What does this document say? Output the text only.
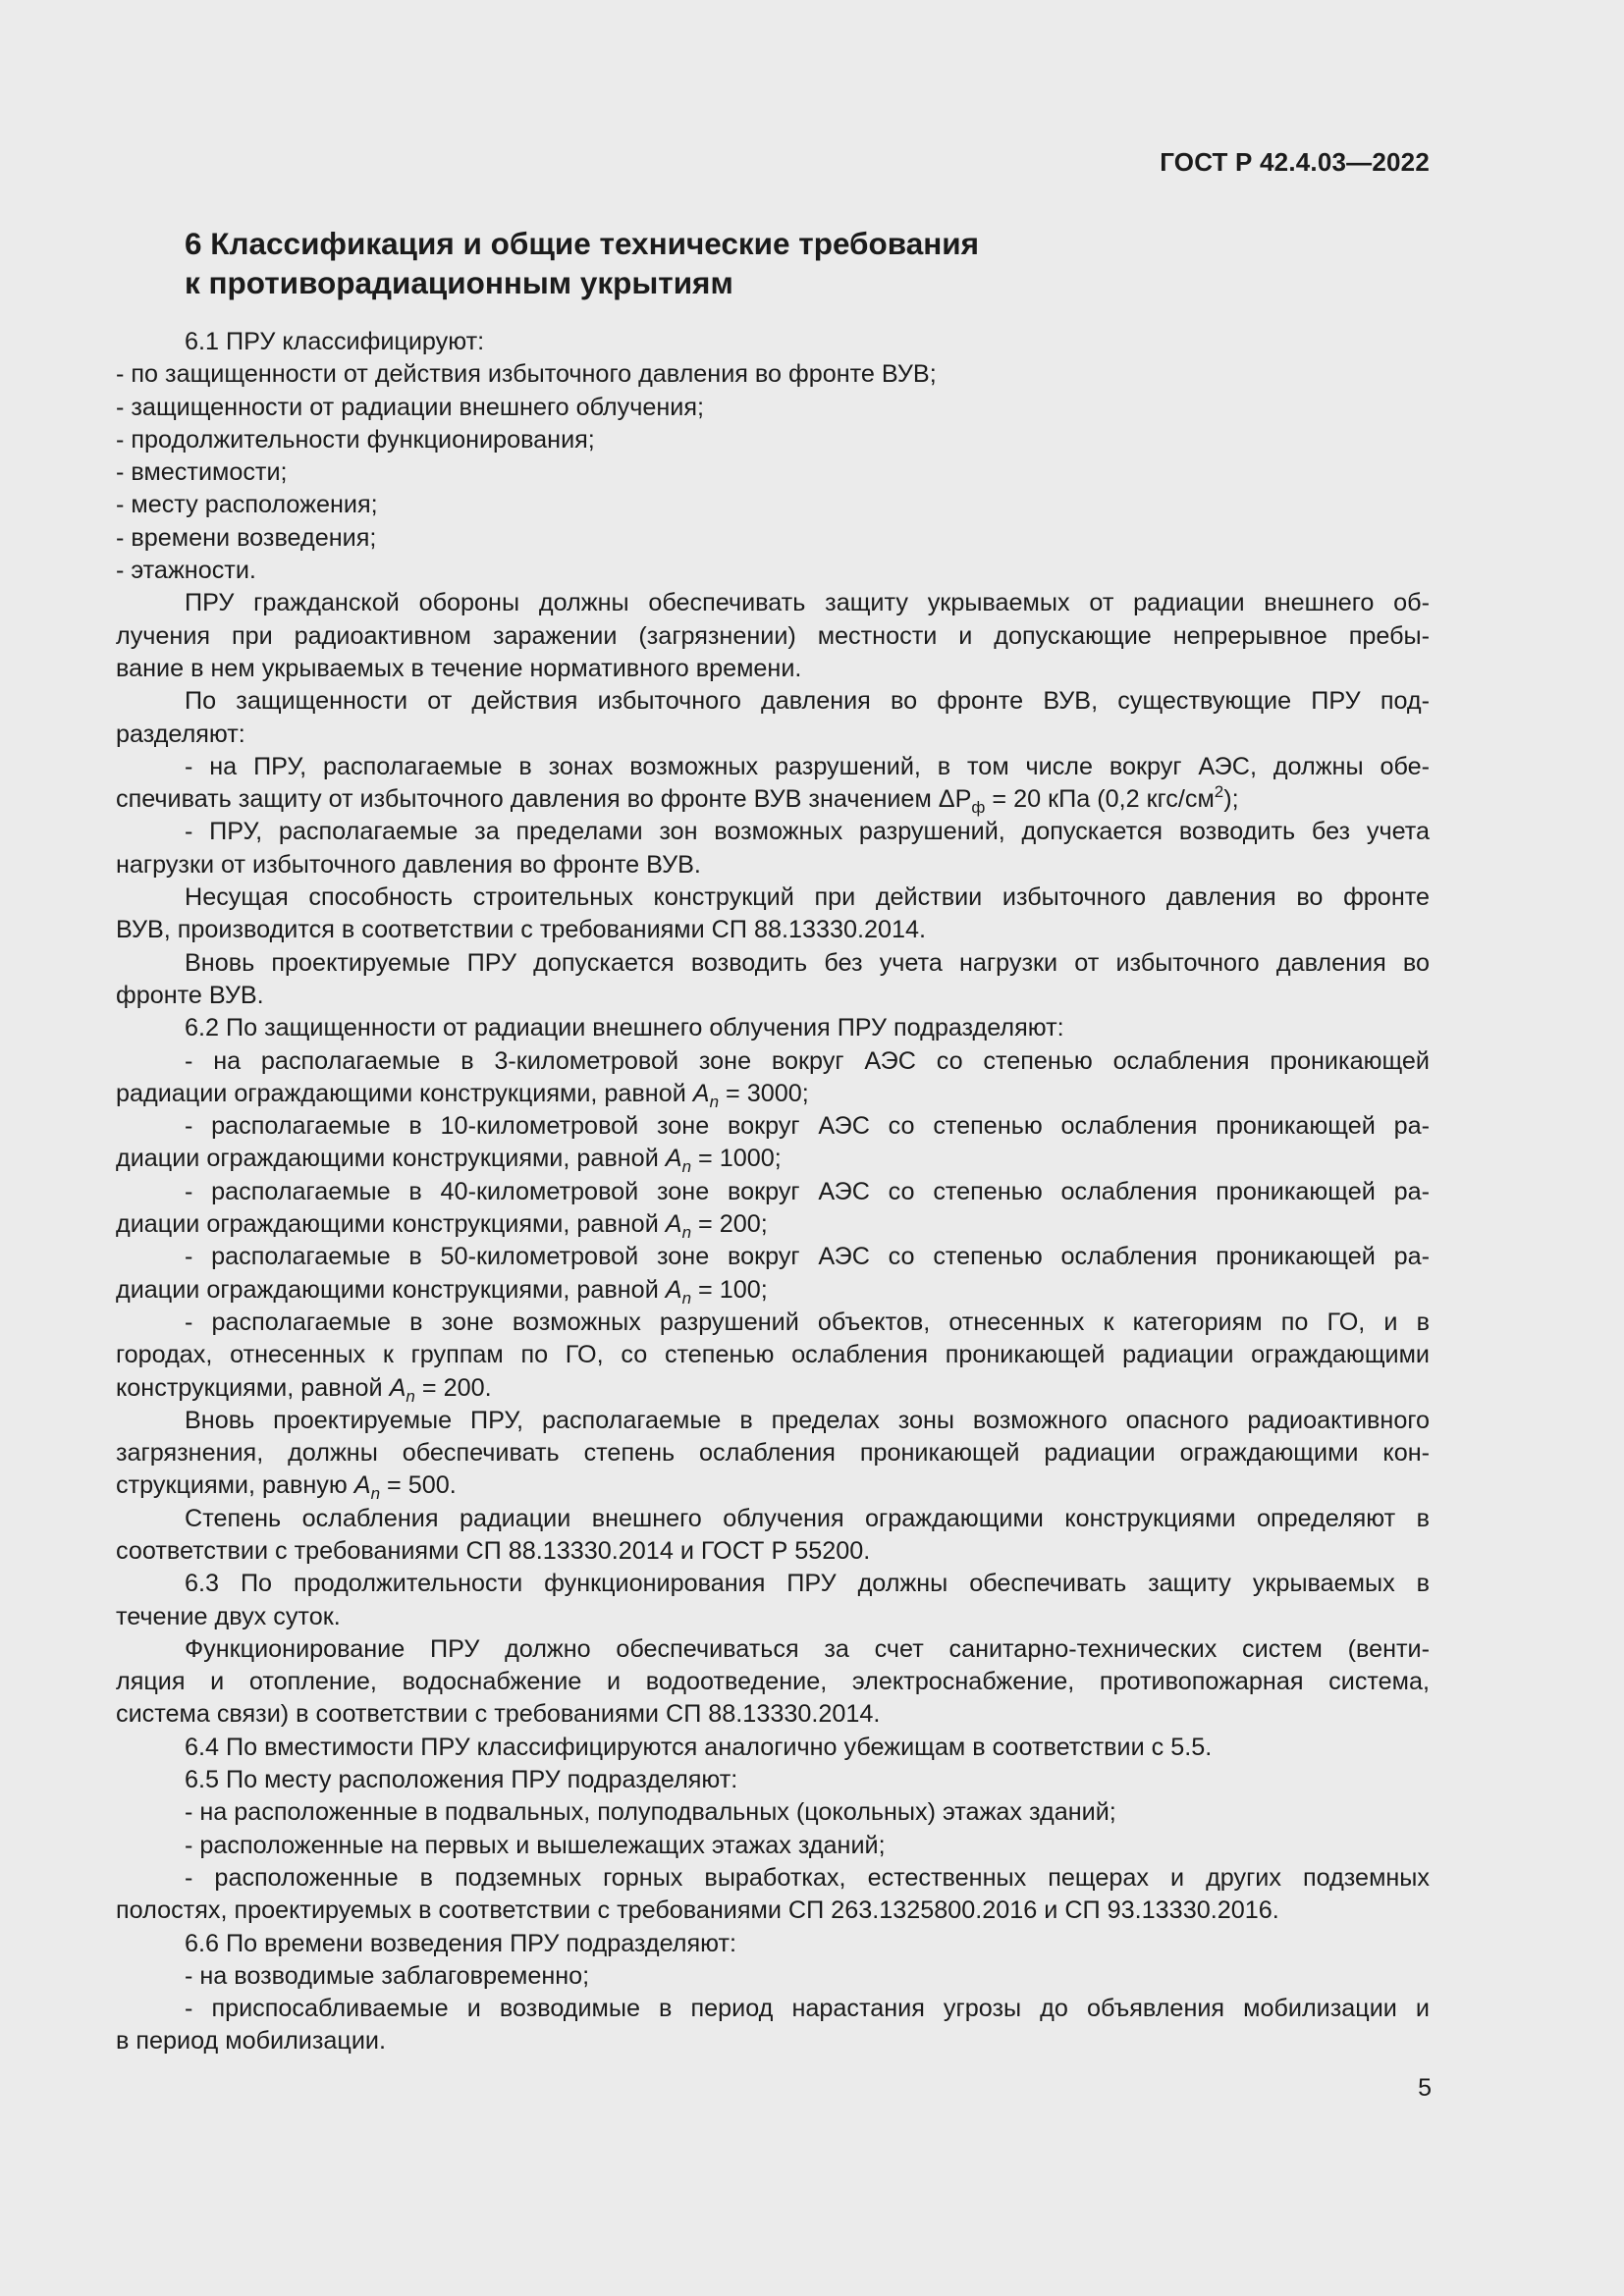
ГОСТ Р 42.4.03—2022
6 Классификация и общие технические требования
к противорадиационным укрытиям
6.1 ПРУ классифицируют:
- по защищенности от действия избыточного давления во фронте ВУВ;
- защищенности от радиации внешнего облучения;
- продолжительности функционирования;
- вместимости;
- месту расположения;
- времени возведения;
- этажности.
ПРУ гражданской обороны должны обеспечивать защиту укрываемых от радиации внешнего об-
лучения при радиоактивном заражении (загрязнении) местности и допускающие непрерывное пребы-
вание в нем укрываемых в течение нормативного времени.
По защищенности от действия избыточного давления во фронте ВУВ, существующие ПРУ под-
разделяют:
- на ПРУ, располагаемые в зонах возможных разрушений, в том числе вокруг АЭС, должны обе-
спечивать защиту от избыточного давления во фронте ВУВ значением $\Delta P_ф = 20$ кПа (0,2 кгс/$см^2$);
- ПРУ, располагаемые за пределами зон возможных разрушений, допускается возводить без учета
нагрузки от избыточного давления во фронте ВУВ.
Несущая способность строительных конструкций при действии избыточного давления во фронте
ВУВ, производится в соответствии с требованиями СП 88.13330.2014.
Вновь проектируемые ПРУ допускается возводить без учета нагрузки от избыточного давления во
фронте ВУВ.
6.2 По защищенности от радиации внешнего облучения ПРУ подразделяют:
- на располагаемые в 3-километровой зоне вокруг АЭС со степенью ослабления проникающей
радиации ограждающими конструкциями, равной $A_n = 3000$;
- располагаемые в 10-километровой зоне вокруг АЭС со степенью ослабления проникающей ра-
диации ограждающими конструкциями, равной $A_n = 1000$;
- располагаемые в 40-километровой зоне вокруг АЭС со степенью ослабления проникающей ра-
диации ограждающими конструкциями, равной $A_n = 200$;
- располагаемые в 50-километровой зоне вокруг АЭС со степенью ослабления проникающей ра-
диации ограждающими конструкциями, равной $A_n = 100$;
- располагаемые в зоне возможных разрушений объектов, отнесенных к категориям по ГО, и в
городах, отнесенных к группам по ГО, со степенью ослабления проникающей радиации ограждающими
конструкциями, равной $A_n = 200$.
Вновь проектируемые ПРУ, располагаемые в пределах зоны возможного опасного радиоактивного
загрязнения, должны обеспечивать степень ослабления проникающей радиации ограждающими кон-
струкциями, равную $A_n = 500$.
Степень ослабления радиации внешнего облучения ограждающими конструкциями определяют в
соответствии с требованиями СП 88.13330.2014 и ГОСТ Р 55200.
6.3 По продолжительности функционирования ПРУ должны обеспечивать защиту укрываемых в
течение двух суток.
Функционирование ПРУ должно обеспечиваться за счет санитарно-технических систем (венти-
ляция и отопление, водоснабжение и водоотведение, электроснабжение, противопожарная система,
система связи) в соответствии с требованиями СП 88.13330.2014.
6.4 По вместимости ПРУ классифицируются аналогично убежищам в соответствии с 5.5.
6.5 По месту расположения ПРУ подразделяют:
- на расположенные в подвальных, полуподвальных (цокольных) этажах зданий;
- расположенные на первых и вышележащих этажах зданий;
- расположенные в подземных горных выработках, естественных пещерах и других подземных
полостях, проектируемых в соответствии с требованиями СП 263.1325800.2016 и СП 93.13330.2016.
6.6 По времени возведения ПРУ подразделяют:
- на возводимые заблаговременно;
- приспосабливаемые и возводимые в период нарастания угрозы до объявления мобилизации и
в период мобилизации.
5
